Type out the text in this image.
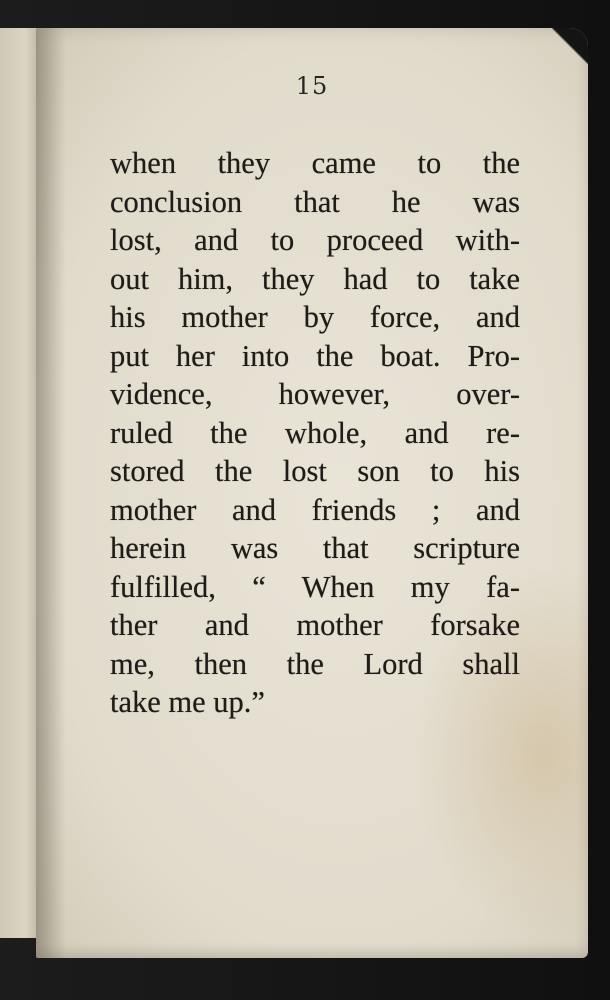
15
when they came to the
conclusion that he was
lost, and to proceed with-
out him, they had to take
his mother by force, and
put her into the boat. Pro-
vidence, however, over-
ruled the whole, and re-
stored the lost son to his
mother and friends ; and
herein was that scripture
fulfilled, “ When my fa-
ther and mother forsake
me, then the Lord shall
take me up.”
